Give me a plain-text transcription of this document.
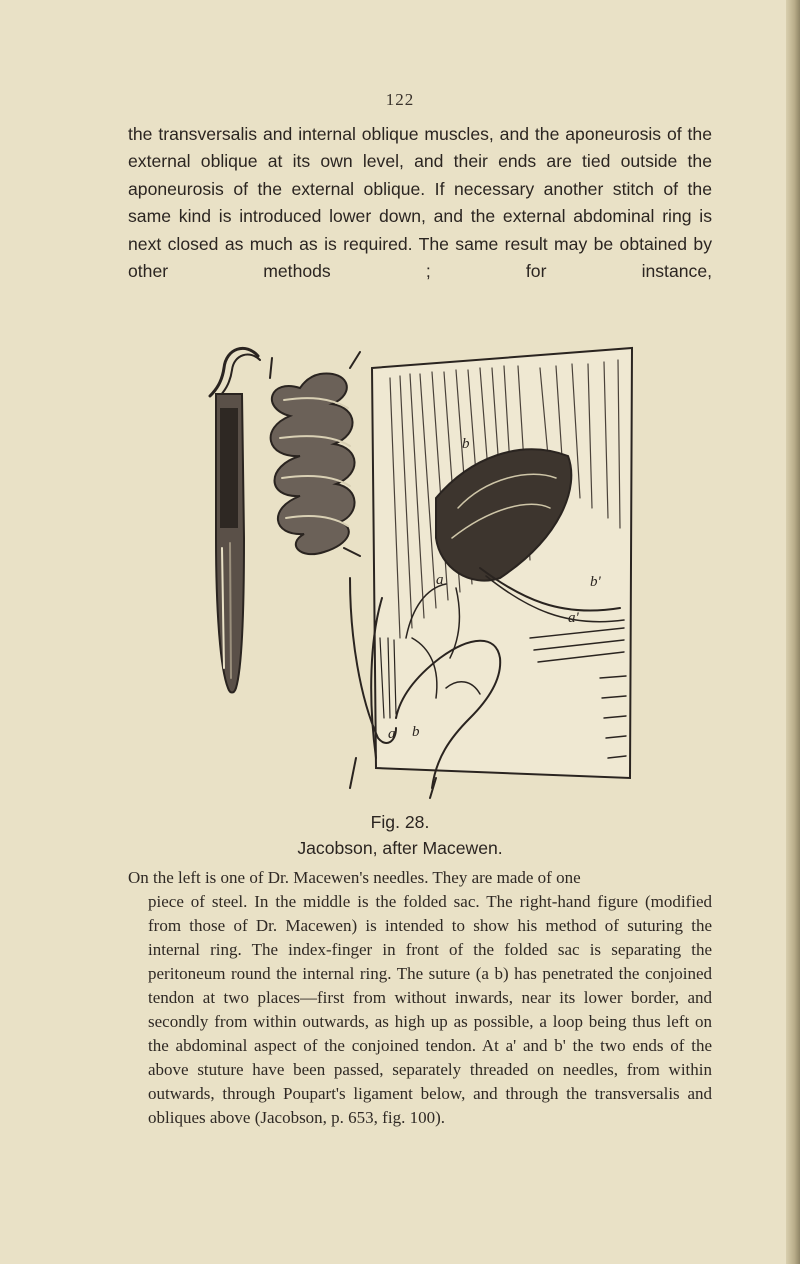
122

the transversalis and internal oblique muscles, and the aponeurosis of the external oblique at its own level, and their ends are tied outside the aponeurosis of the external oblique. If necessary another stitch of the same kind is introduced lower down, and the external abdominal ring is next closed as much as is required. The same result may be obtained by other methods ; for instance,

b
a	b'
a'
a b
Fig. 28.
Jacobson, after Macewen.

On the left is one of Dr. Macewen's needles. They are made of one
piece of steel. In the middle is the folded sac. The right-hand figure (modified from those of Dr. Macewen) is intended to show his method of suturing the internal ring. The index-finger in front of the folded sac is separating the peritoneum round the internal ring. The suture (a b) has penetrated the conjoined tendon at two places—first from without inwards, near its lower border, and secondly from within outwards, as high up as possible, a loop being thus left on the abdominal aspect of the conjoined tendon. At a' and b' the two ends of the above stuture have been passed, separately threaded on needles, from within outwards, through Poupart's ligament below, and through the transversalis and obliques above (Jacobson, p. 653, fig. 100).
